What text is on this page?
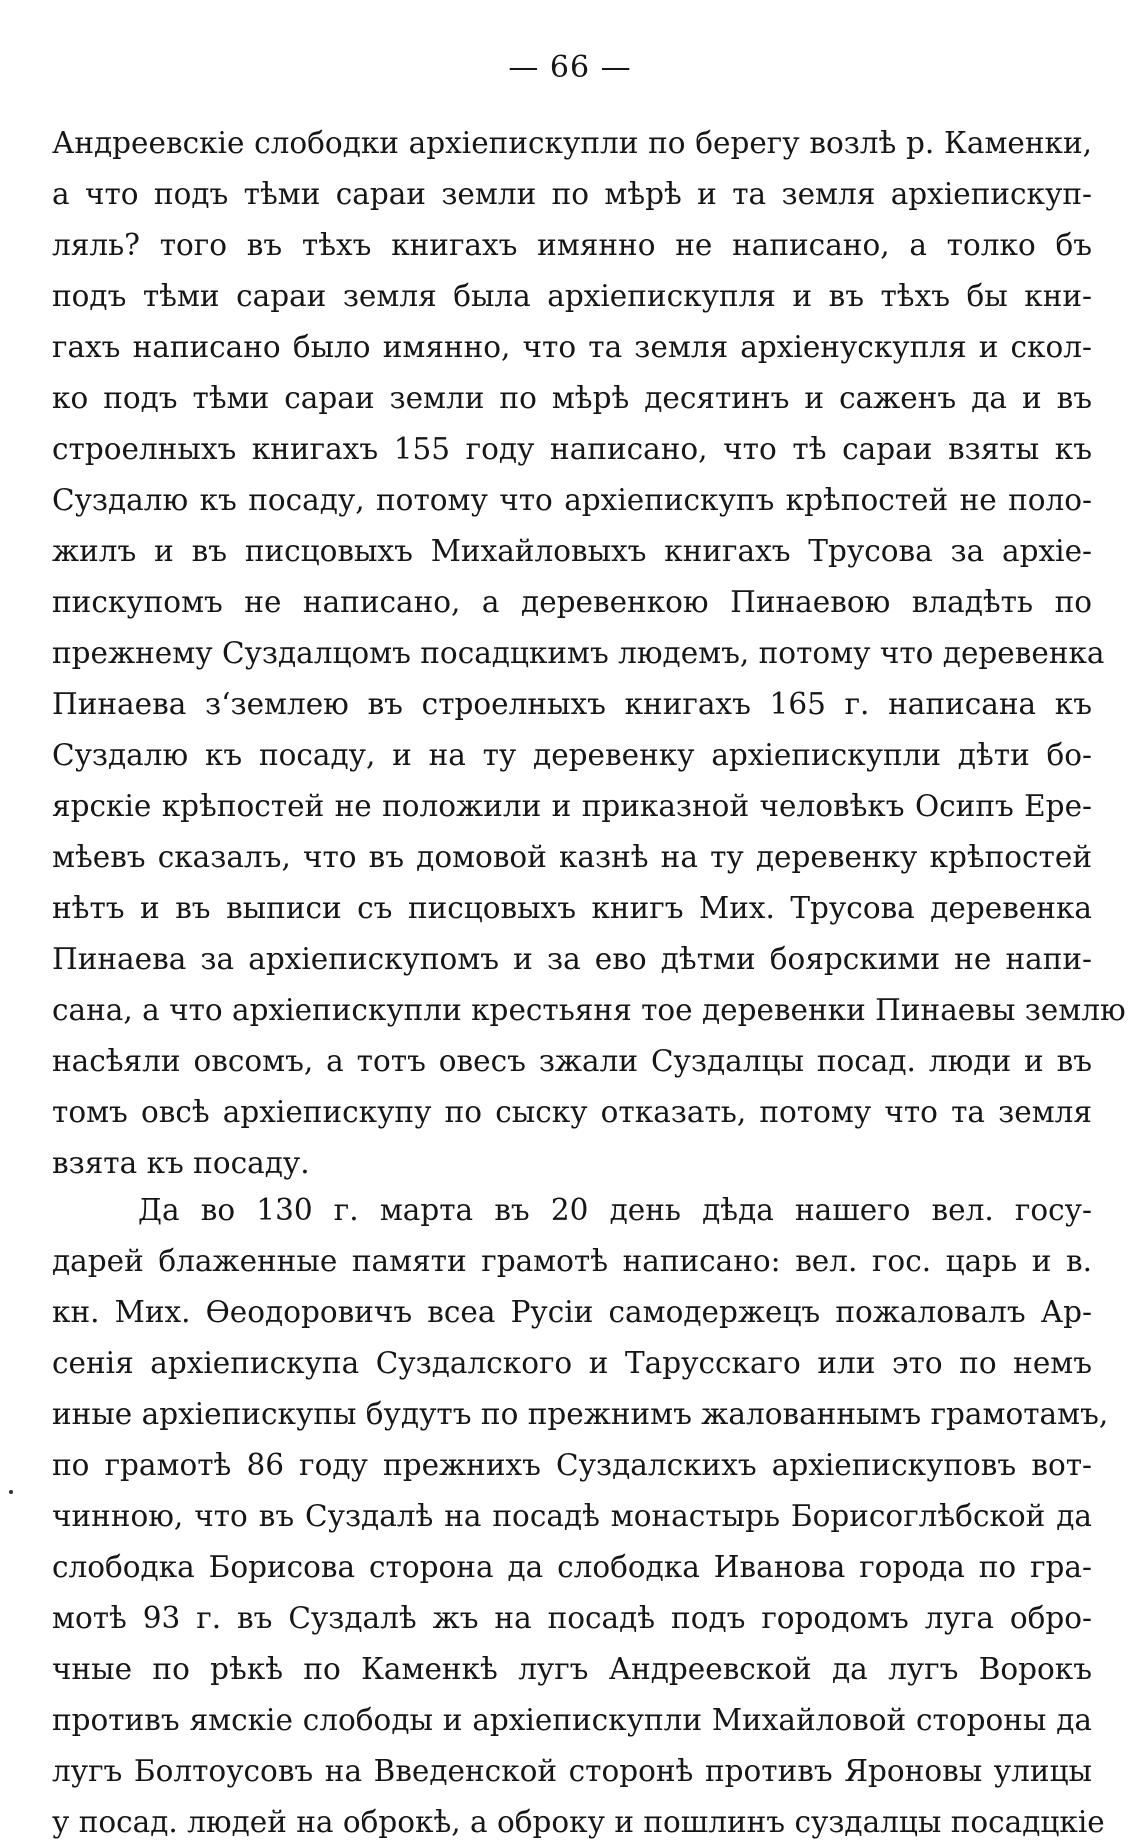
— 66 —
Андреевскіе слободки архіепискупли по берегу возлѣ р. Каменки,
а что подъ тѣми сараи земли по мѣрѣ и та земля архіепискуп-
ляль? того въ тѣхъ книгахъ имянно не написано, а толко бъ
подъ тѣми сараи земля была архіепискупля и въ тѣхъ бы кни-
гахъ написано было имянно, что та земля архіенускупля и скол-
ко подъ тѣми сараи земли по мѣрѣ десятинъ и саженъ да и въ
строелныхъ книгахъ 155 году написано, что тѣ сараи взяты къ
Суздалю къ посаду, потому что архіепискупъ крѣпостей не поло-
жилъ и въ писцовыхъ Михайловыхъ книгахъ Трусова за архіе-
пискупомъ не написано, а деревенкою Пинаевою владѣть по
прежнему Суздалцомъ посадцкимъ людемъ, потому что деревенка
Пинаева з‘землею въ строелныхъ книгахъ 165 г. написана къ
Суздалю къ посаду, и на ту деревенку архіепискупли дѣти бо-
ярскіе крѣпостей не положили и приказной человѣкъ Осипъ Ере-
мѣевъ сказалъ, что въ домовой казнѣ на ту деревенку крѣпостей
нѣтъ и въ выписи съ писцовыхъ книгъ Мих. Трусова деревенка
Пинаева за архіепискупомъ и за ево дѣтми боярскими не напи-
сана, а что архіепискупли крестьяня тое деревенки Пинаевы землю
насѣяли овсомъ, а тотъ овесъ зжали Суздалцы посад. люди и въ
томъ овсѣ архіепискупу по сыску отказать, потому что та земля
взята къ посаду.
Да во 130 г. марта въ 20 день дѣда нашего вел. госу-
дарей блаженные памяти грамотѣ написано: вел. гос. царь и в.
кн. Мих. Ѳеодоровичъ всеа Русіи самодержецъ пожаловалъ Ар-
сенія архіепискупа Суздалского и Тарусскаго или это по немъ
иные архіепискупы будутъ по прежнимъ жалованнымъ грамотамъ,
по грамотѣ 86 году прежнихъ Суздалскихъ архіепискуповъ вот-
чинною, что въ Суздалѣ на посадѣ монастырь Борисоглѣбской да
слободка Борисова сторона да слободка Иванова города по гра-
мотѣ 93 г. въ Суздалѣ жъ на посадѣ подъ городомъ луга обро-
чные по рѣкѣ по Каменкѣ лугъ Андреевской да лугъ Ворокъ
противъ ямскіе слободы и архіепискупли Михайловой стороны да
лугъ Болтоусовъ на Введенской сторонѣ противъ Яроновы улицы
у посад. людей на оброкѣ, а оброку и пошлинъ суздалцы посадцкіе
